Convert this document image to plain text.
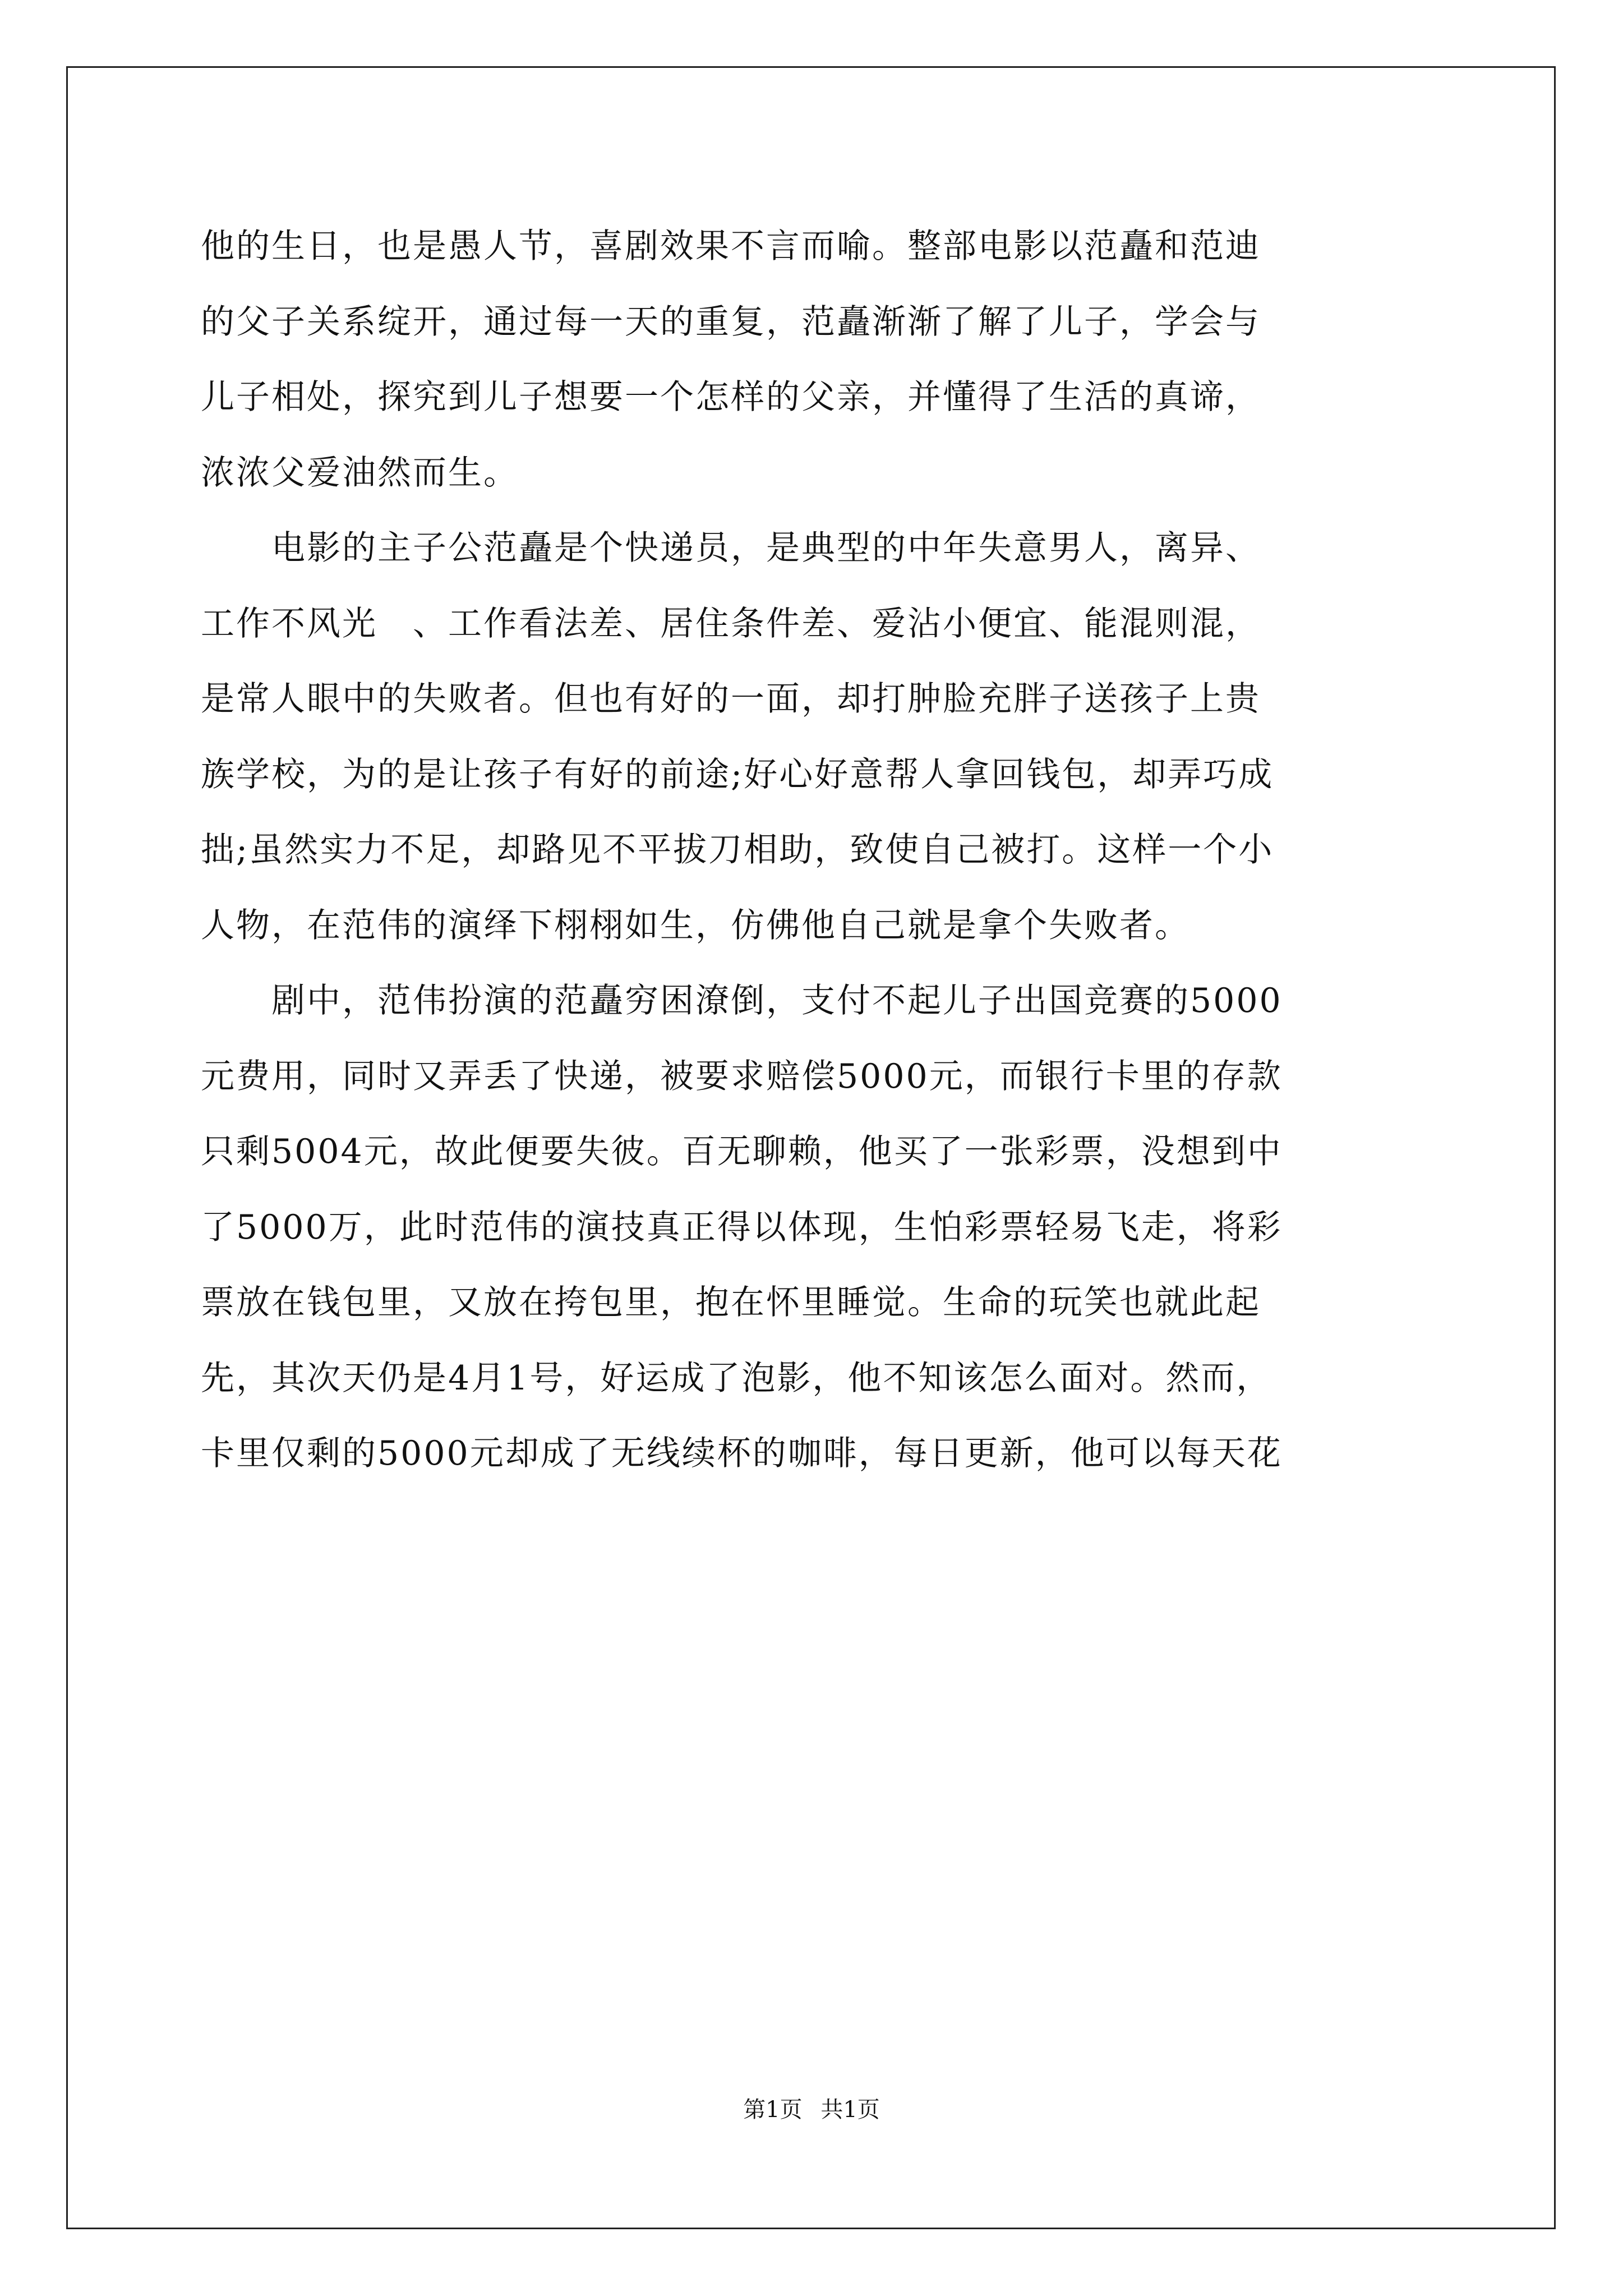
他的生日，也是愚人节，喜剧效果不言而喻。整部电影以范矗和范迪
的父子关系绽开，通过每一天的重复，范矗渐渐了解了儿子，学会与
儿子相处，探究到儿子想要一个怎样的父亲，并懂得了生活的真谛，
浓浓父爱油然而生。
　　电影的主子公范矗是个快递员，是典型的中年失意男人，离异、
工作不风光　、工作看法差、居住条件差、爱沾小便宜、能混则混，
是常人眼中的失败者。但也有好的一面，却打肿脸充胖子送孩子上贵
族学校，为的是让孩子有好的前途;好心好意帮人拿回钱包，却弄巧成
拙;虽然实力不足，却路见不平拔刀相助，致使自己被打。这样一个小
人物，在范伟的演绎下栩栩如生，仿佛他自己就是拿个失败者。
　　剧中，范伟扮演的范矗穷困潦倒，支付不起儿子出国竞赛的5000
元费用，同时又弄丢了快递，被要求赔偿5000元，而银行卡里的存款
只剩5004元，故此便要失彼。百无聊赖，他买了一张彩票，没想到中
了5000万，此时范伟的演技真正得以体现，生怕彩票轻易飞走，将彩
票放在钱包里，又放在挎包里，抱在怀里睡觉。生命的玩笑也就此起
先，其次天仍是4月1号，好运成了泡影，他不知该怎么面对。然而，
卡里仅剩的5000元却成了无线续杯的咖啡，每日更新，他可以每天花
第1页 共1页
